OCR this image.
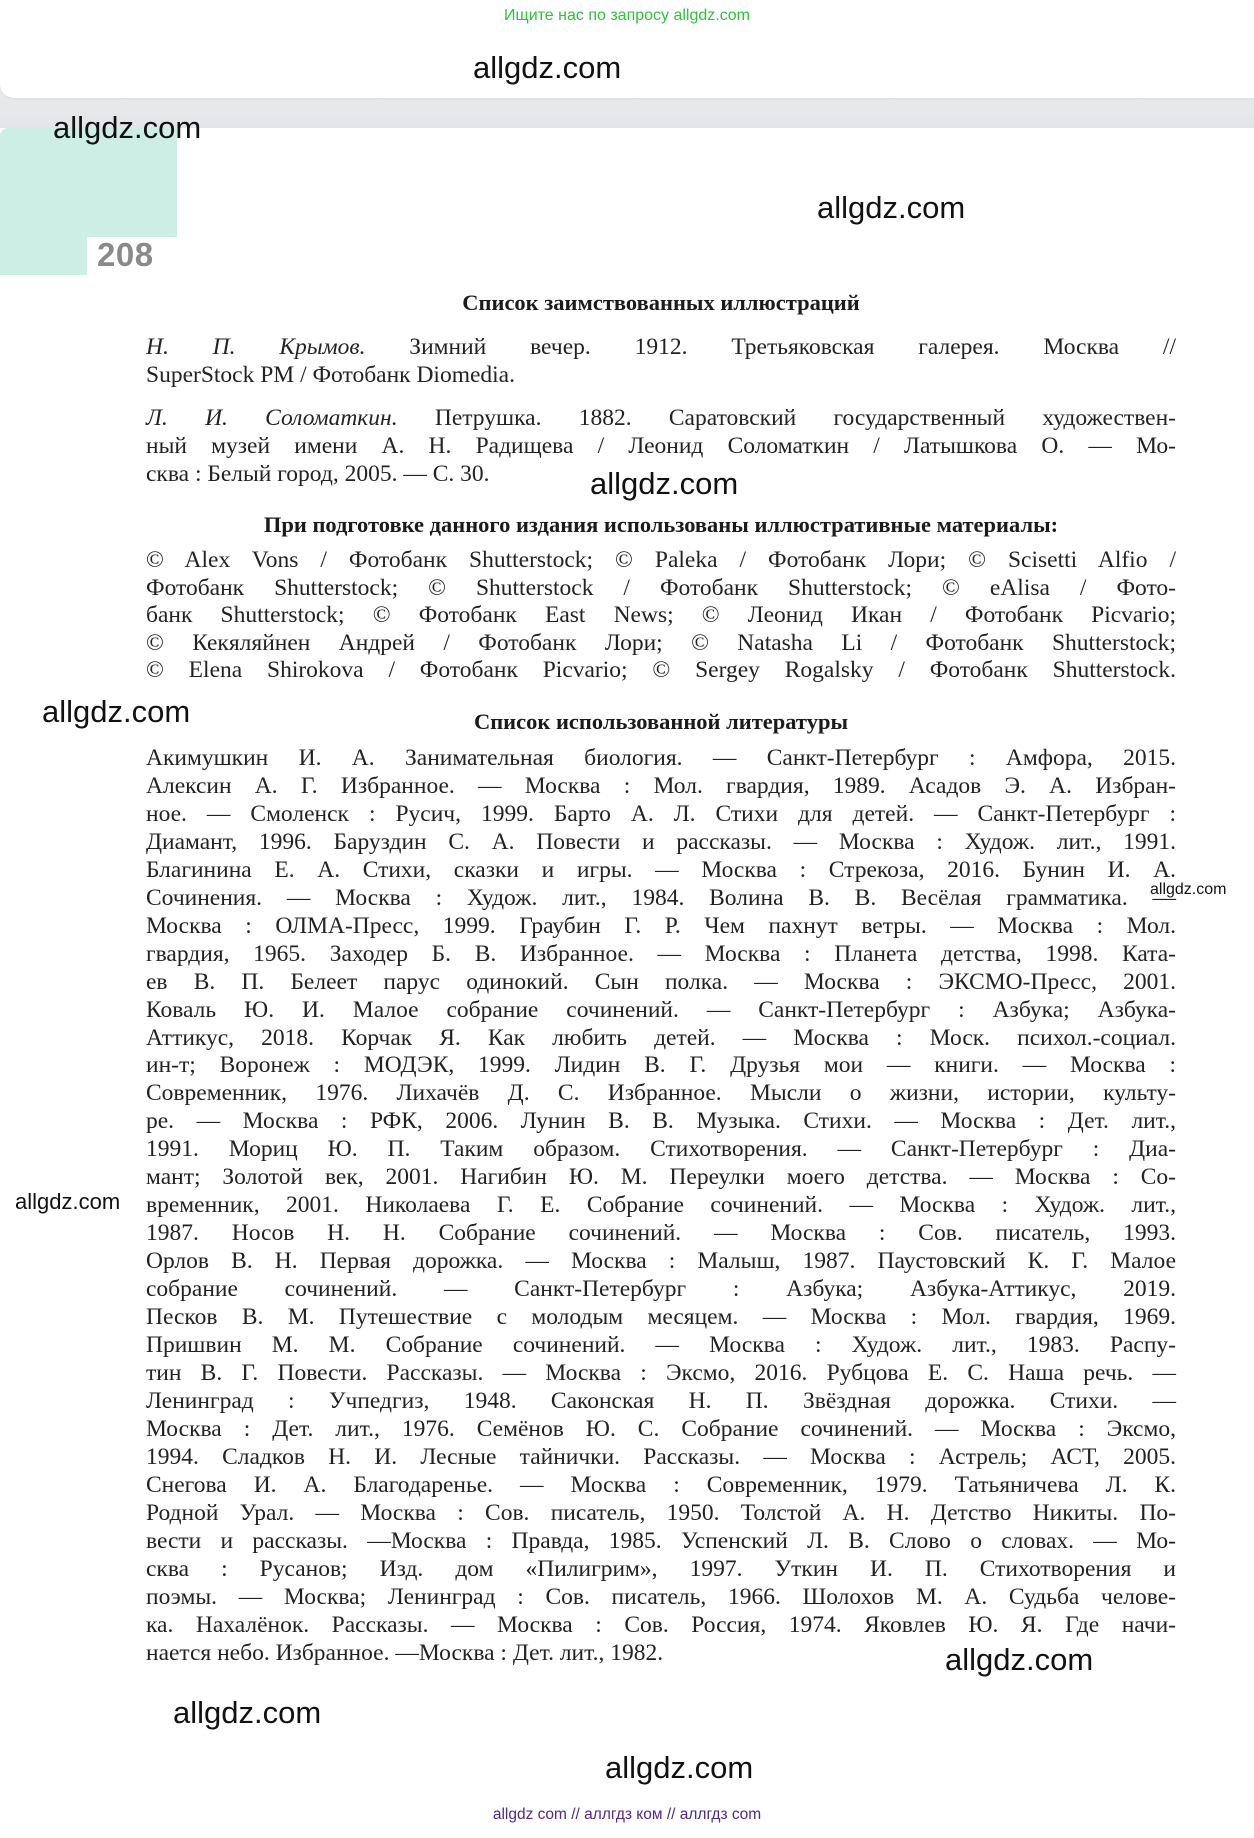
Ищите нас по запросу allgdz.com
208
Список заимствованных иллюстраций
Н. П. Крымов. Зимний вечер. 1912. Третьяковская галерея. Москва //
SuperStock PM / Фотобанк Diomedia.
Л. И. Соломаткин. Петрушка. 1882. Саратовский государственный художествен-
ный музей имени А. Н. Радищева / Леонид Соломаткин / Латышкова О. — Мо-
сква : Белый город, 2005. — С. 30.
При подготовке данного издания использованы иллюстративные материалы:
© Alex Vons / Фотобанк Shutterstock; © Paleka / Фотобанк Лори; © Scisetti Alfio /
Фотобанк Shutterstock; © Shutterstock / Фотобанк Shutterstock; © eAlisa / Фото-
банк Shutterstock; © Фотобанк East News; © Леонид Икан / Фотобанк Picvario;
© Кекяляйнен Андрей / Фотобанк Лори; © Natasha Li / Фотобанк Shutterstock;
© Elena Shirokova / Фотобанк Picvario; © Sergey Rogalsky / Фотобанк Shutterstock.
Список использованной литературы
Акимушкин И. А. Занимательная биология. — Санкт-Петербург : Амфора, 2015.
Алексин А. Г. Избранное. — Москва : Мол. гвардия, 1989. Асадов Э. А. Избран-
ное. — Смоленск : Русич, 1999. Барто А. Л. Стихи для детей. — Санкт-Петербург :
Диамант, 1996. Баруздин С. А. Повести и рассказы. — Москва : Худож. лит., 1991.
Благинина Е. А. Стихи, сказки и игры. — Москва : Стрекоза, 2016. Бунин И. А.
Сочинения. — Москва : Худож. лит., 1984. Волина В. В. Весёлая грамматика. —
Москва : ОЛМА-Пресс, 1999. Граубин Г. Р. Чем пахнут ветры. — Москва : Мол.
гвардия, 1965. Заходер Б. В. Избранное. — Москва : Планета детства, 1998. Ката-
ев В. П. Белеет парус одинокий. Сын полка. — Москва : ЭКСМО-Пресс, 2001.
Коваль Ю. И. Малое собрание сочинений. — Санкт-Петербург : Азбука; Азбука-
Аттикус, 2018. Корчак Я. Как любить детей. — Москва : Моск. психол.-социал.
ин-т; Воронеж : МОДЭК, 1999. Лидин В. Г. Друзья мои — книги. — Москва :
Современник, 1976. Лихачёв Д. С. Избранное. Мысли о жизни, истории, культу-
ре. — Москва : РФК, 2006. Лунин В. В. Музыка. Стихи. — Москва : Дет. лит.,
1991. Мориц Ю. П. Таким образом. Стихотворения. — Санкт-Петербург : Диа-
мант; Золотой век, 2001. Нагибин Ю. М. Переулки моего детства. — Москва : Со-
временник, 2001. Николаева Г. Е. Собрание сочинений. — Москва : Худож. лит.,
1987. Носов Н. Н. Собрание сочинений. — Москва : Сов. писатель, 1993.
Орлов В. Н. Первая дорожка. — Москва : Малыш, 1987. Паустовский К. Г. Малое
собрание сочинений. — Санкт-Петербург : Азбука; Азбука-Аттикус, 2019.
Песков В. М. Путешествие с молодым месяцем. — Москва : Мол. гвардия, 1969.
Пришвин М. М. Собрание сочинений. — Москва : Худож. лит., 1983. Распу-
тин В. Г. Повести. Рассказы. — Москва : Эксмо, 2016. Рубцова Е. С. Наша речь. —
Ленинград : Учпедгиз, 1948. Саконская Н. П. Звёздная дорожка. Стихи. —
Москва : Дет. лит., 1976. Семёнов Ю. С. Собрание сочинений. — Москва : Эксмо,
1994. Сладков Н. И. Лесные тайнички. Рассказы. — Москва : Астрель; АСТ, 2005.
Снегова И. А. Благодаренье. — Москва : Современник, 1979. Татьяничева Л. К.
Родной Урал. — Москва : Сов. писатель, 1950. Толстой А. Н. Детство Никиты. По-
вести и рассказы. —Москва : Правда, 1985. Успенский Л. В. Слово о словах. — Мо-
сква : Русанов; Изд. дом «Пилигрим», 1997. Уткин И. П. Стихотворения и
поэмы. — Москва; Ленинград : Сов. писатель, 1966. Шолохов М. А. Судьба челове-
ка. Нахалёнок. Рассказы. — Москва : Сов. Россия, 1974. Яковлев Ю. Я. Где начи-
нается небо. Избранное. —Москва : Дет. лит., 1982.
allgdz.com
allgdz.com
allgdz.com
allgdz.com
allgdz.com
allgdz.com
allgdz.com
allgdz.com
allgdz.com
allgdz.com
allgdz com // аллгдз ком // аллгдз com
